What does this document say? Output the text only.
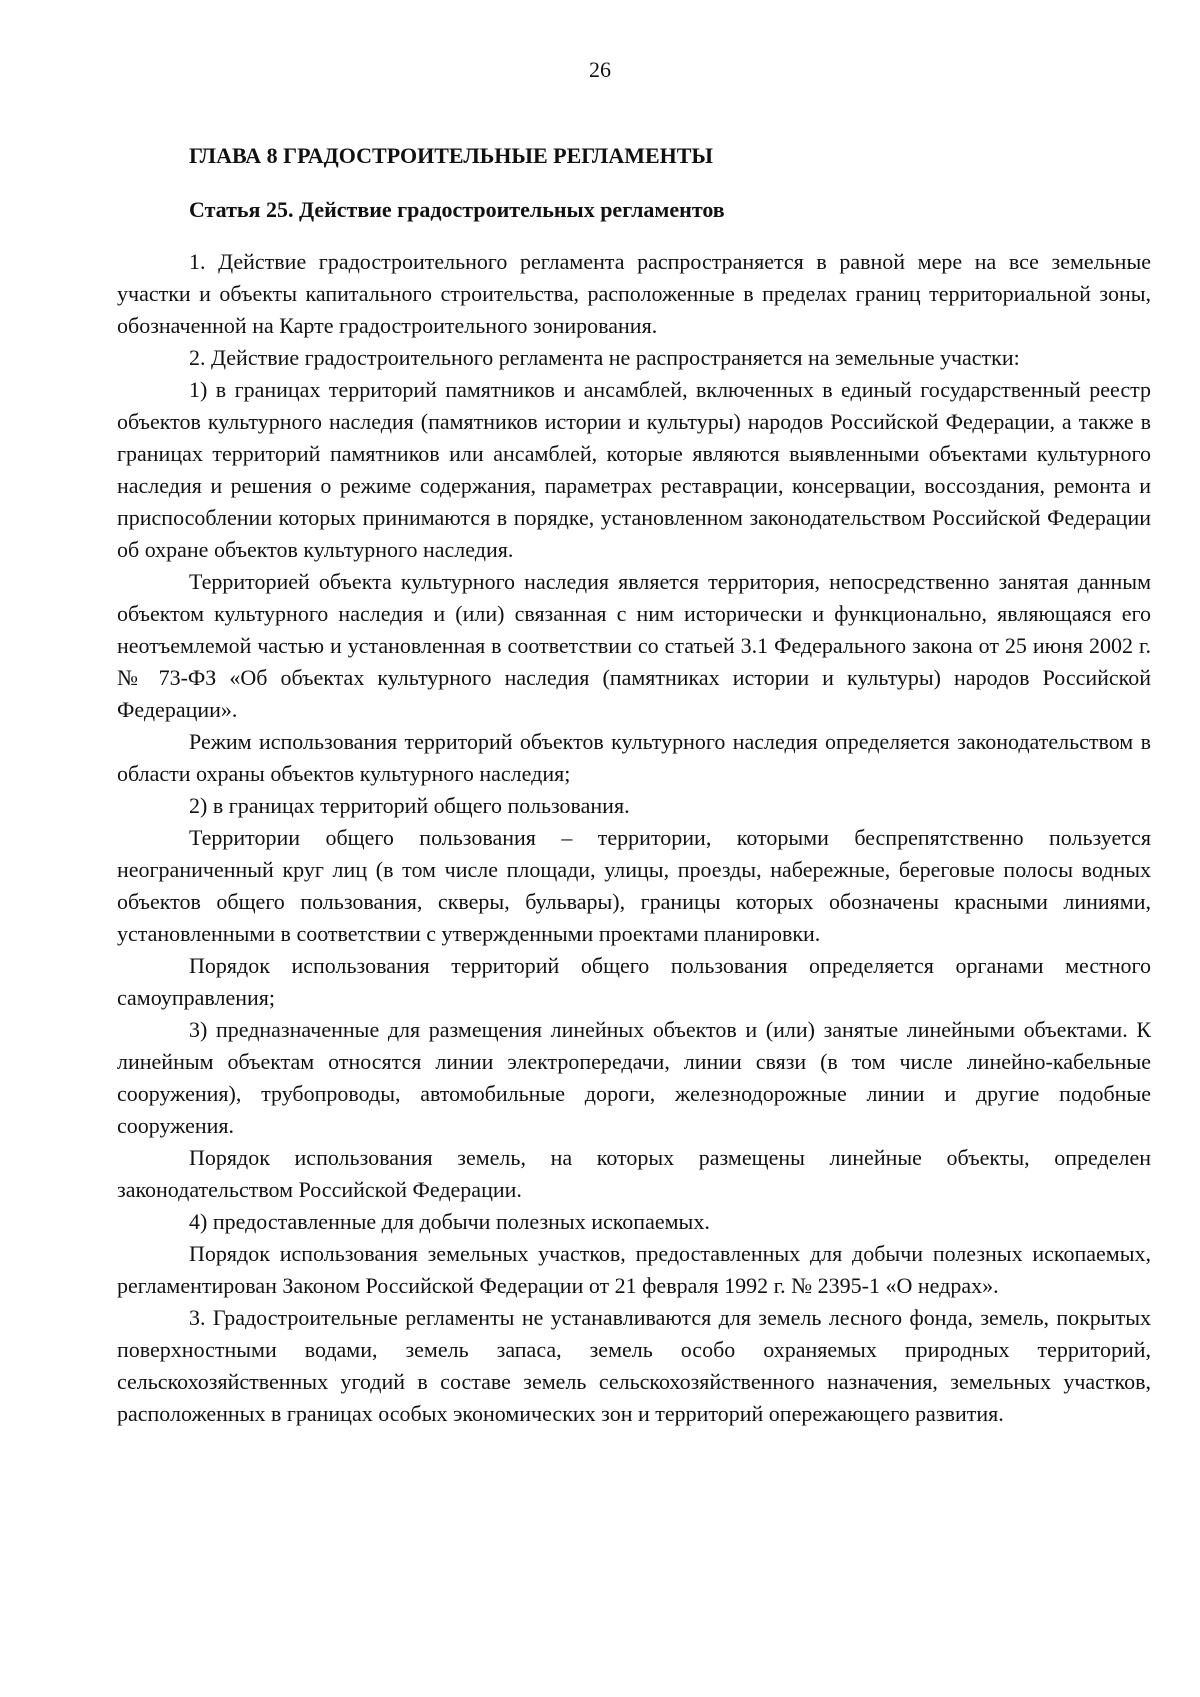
26
ГЛАВА 8 ГРАДОСТРОИТЕЛЬНЫЕ РЕГЛАМЕНТЫ
Статья 25. Действие градостроительных регламентов

1. Действие градостроительного регламента распространяется в равной мере на все земельные участки и объекты капитального строительства, расположенные в пределах границ территориальной зоны, обозначенной на Карте градостроительного зонирования.

2. Действие градостроительного регламента не распространяется на земельные участки:

1) в границах территорий памятников и ансамблей, включенных в единый государственный реестр объектов культурного наследия (памятников истории и культуры) народов Российской Федерации, а также в границах территорий памятников или ансамблей, которые являются выявленными объектами культурного наследия и решения о режиме содержания, параметрах реставрации, консервации, воссоздания, ремонта и приспособлении которых принимаются в порядке, установленном законодательством Российской Федерации об охране объектов культурного наследия.

Территорией объекта культурного наследия является территория, непосредственно занятая данным объектом культурного наследия и (или) связанная с ним исторически и функционально, являющаяся его неотъемлемой частью и установленная в соответствии со статьей 3.1 Федерального закона от 25 июня 2002 г. № 73-ФЗ «Об объектах культурного наследия (памятниках истории и культуры) народов Российской Федерации».

Режим использования территорий объектов культурного наследия определяется законодательством в области охраны объектов культурного наследия;

2) в границах территорий общего пользования.

Территории общего пользования – территории, которыми беспрепятственно пользуется неограниченный круг лиц (в том числе площади, улицы, проезды, набережные, береговые полосы водных объектов общего пользования, скверы, бульвары), границы которых обозначены красными линиями, установленными в соответствии с утвержденными проектами планировки.

Порядок использования территорий общего пользования определяется органами местного самоуправления;

3) предназначенные для размещения линейных объектов и (или) занятые линейными объектами. К линейным объектам относятся линии электропередачи, линии связи (в том числе линейно-кабельные сооружения), трубопроводы, автомобильные дороги, железнодорожные линии и другие подобные сооружения.

Порядок использования земель, на которых размещены линейные объекты, определен законодательством Российской Федерации.

4) предоставленные для добычи полезных ископаемых.

Порядок использования земельных участков, предоставленных для добычи полезных ископаемых, регламентирован Законом Российской Федерации от 21 февраля 1992 г. № 2395-1 «О недрах».

3. Градостроительные регламенты не устанавливаются для земель лесного фонда, земель, покрытых поверхностными водами, земель запаса, земель особо охраняемых природных территорий, сельскохозяйственных угодий в составе земель сельскохозяйственного назначения, земельных участков, расположенных в границах особых экономических зон и территорий опережающего развития.
